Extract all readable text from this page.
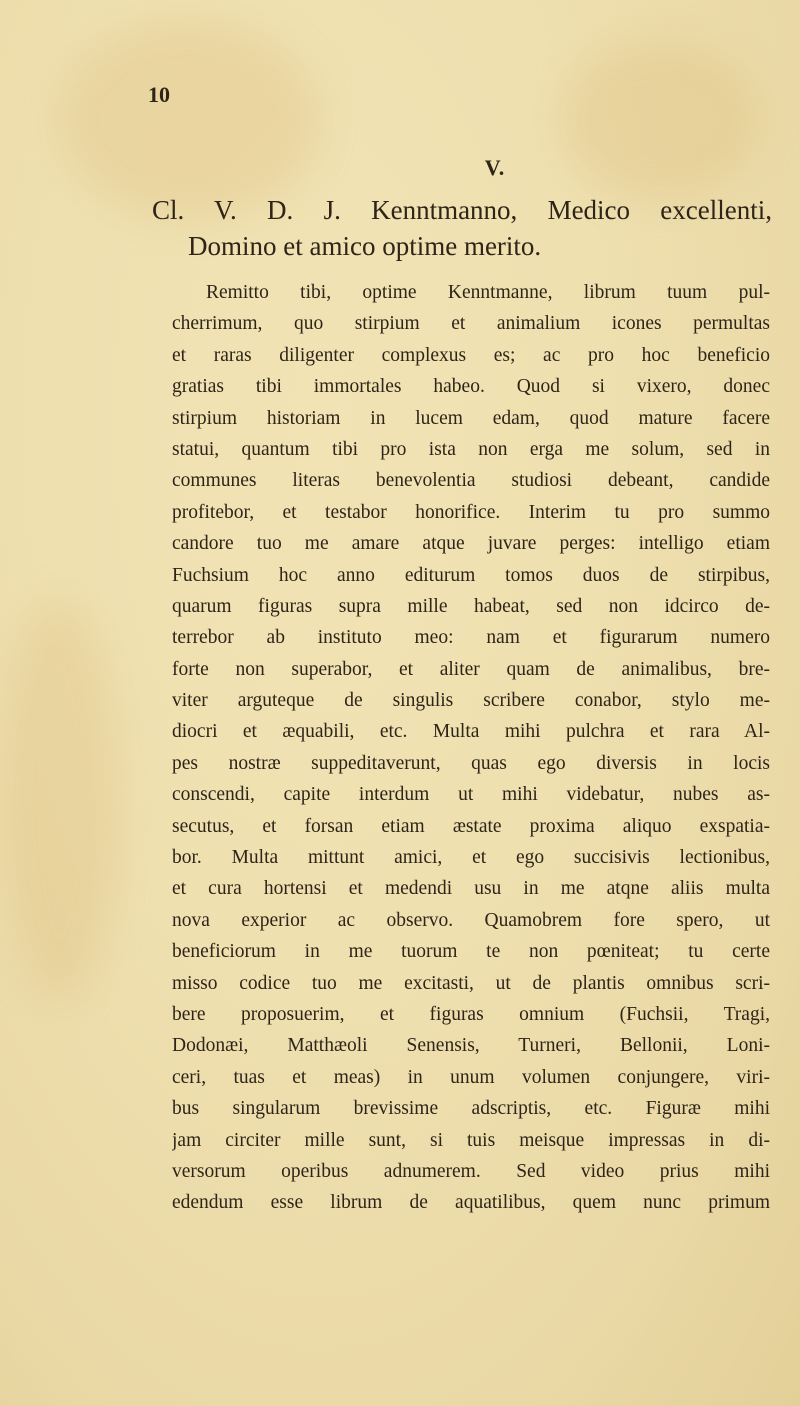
10
V.
Cl. V. D. J. Kenntmanno, Medico excellenti,
Domino et amico optime merito.
Remitto tibi, optime Kenntmanne, librum tuum pul-
cherrimum, quo stirpium et animalium icones permultas
et raras diligenter complexus es; ac pro hoc beneficio
gratias tibi immortales habeo. Quod si vixero, donec
stirpium historiam in lucem edam, quod mature facere
statui, quantum tibi pro ista non erga me solum, sed in
communes literas benevolentia studiosi debeant, candide
profitebor, et testabor honorifice. Interim tu pro summo
candore tuo me amare atque juvare perges: intelligo etiam
Fuchsium hoc anno editurum tomos duos de stirpibus,
quarum figuras supra mille habeat, sed non idcirco de-
terrebor ab instituto meo: nam et figurarum numero
forte non superabor, et aliter quam de animalibus, bre-
viter arguteque de singulis scribere conabor, stylo me-
diocri et æquabili, etc. Multa mihi pulchra et rara Al-
pes nostræ suppeditaverunt, quas ego diversis in locis
conscendi, capite interdum ut mihi videbatur, nubes as-
secutus, et forsan etiam æstate proxima aliquo exspatia-
bor. Multa mittunt amici, et ego succisivis lectionibus,
et cura hortensi et medendi usu in me atqne aliis multa
nova experior ac observo. Quamobrem fore spero, ut
beneficiorum in me tuorum te non pœniteat; tu certe
misso codice tuo me excitasti, ut de plantis omnibus scri-
bere proposuerim, et figuras omnium (Fuchsii, Tragi,
Dodonæi, Matthæoli Senensis, Turneri, Bellonii, Loni-
ceri, tuas et meas) in unum volumen conjungere, viri-
bus singularum brevissime adscriptis, etc. Figuræ mihi
jam circiter mille sunt, si tuis meisque impressas in di-
versorum operibus adnumerem. Sed video prius mihi
edendum esse librum de aquatilibus, quem nunc primum
